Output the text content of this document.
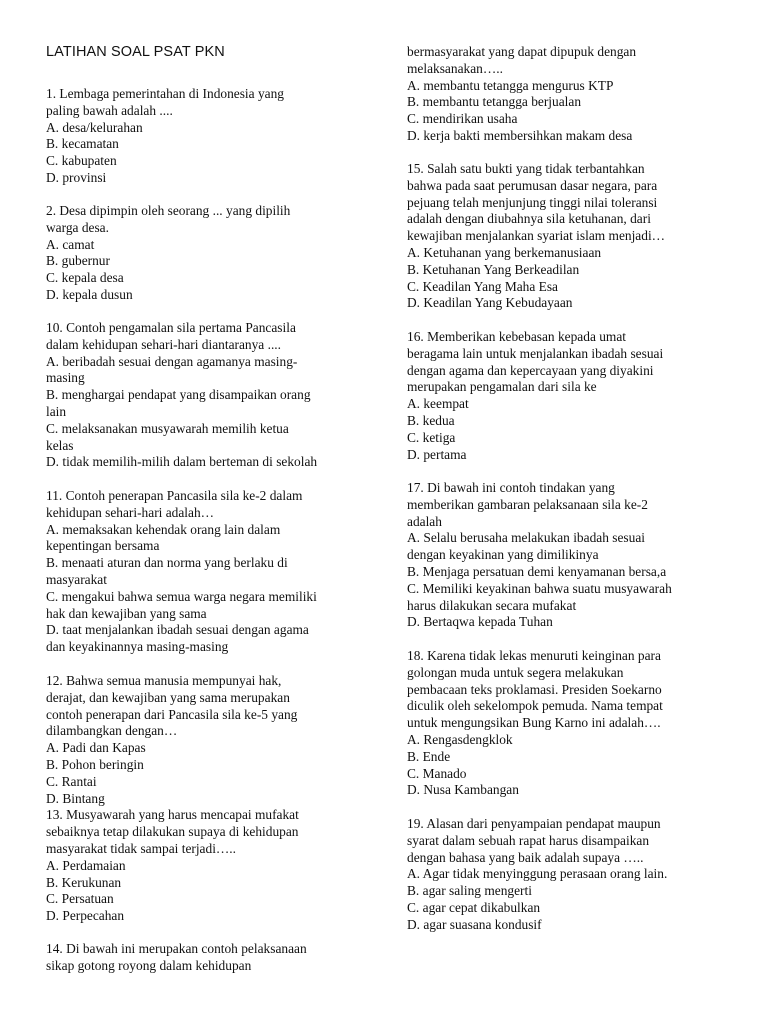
LATIHAN SOAL PSAT PKN
1. Lembaga pemerintahan di Indonesia yang
paling bawah adalah ....
A. desa/kelurahan
B. kecamatan
C. kabupaten
D. provinsi
2. Desa dipimpin oleh seorang ... yang dipilih
warga desa.
A. camat
B. gubernur
C. kepala desa
D. kepala dusun
10. Contoh pengamalan sila pertama Pancasila
dalam kehidupan sehari-hari diantaranya ....
A. beribadah sesuai dengan agamanya masing-
masing
B. menghargai pendapat yang disampaikan orang
lain
C. melaksanakan musyawarah memilih ketua
kelas
D. tidak memilih-milih dalam berteman di sekolah
11. Contoh penerapan Pancasila sila ke-2 dalam
kehidupan sehari-hari adalah…
A. memaksakan kehendak orang lain dalam
kepentingan bersama
B. menaati aturan dan norma yang berlaku di
masyarakat
C. mengakui bahwa semua warga negara memiliki
hak dan kewajiban yang sama
D. taat menjalankan ibadah sesuai dengan agama
dan keyakinannya masing-masing
12. Bahwa semua manusia mempunyai hak,
derajat, dan kewajiban yang sama merupakan
contoh penerapan dari Pancasila sila ke-5 yang
dilambangkan dengan…
A. Padi dan Kapas
B. Pohon beringin
C. Rantai
D. Bintang
13. Musyawarah yang harus mencapai mufakat
sebaiknya tetap dilakukan supaya di kehidupan
masyarakat tidak sampai terjadi…..
A. Perdamaian
B. Kerukunan
C. Persatuan
D. Perpecahan
14. Di bawah ini merupakan contoh pelaksanaan
sikap gotong royong dalam kehidupan
bermasyarakat yang dapat dipupuk dengan
melaksanakan…..
A. membantu tetangga mengurus KTP
B. membantu tetangga berjualan
C. mendirikan usaha
D. kerja bakti membersihkan makam desa
15. Salah satu bukti yang tidak terbantahkan
bahwa pada saat perumusan dasar negara, para
pejuang telah menjunjung tinggi nilai toleransi
adalah dengan diubahnya sila ketuhanan, dari
kewajiban menjalankan syariat islam menjadi…
A. Ketuhanan yang berkemanusiaan
B. Ketuhanan Yang Berkeadilan
C. Keadilan Yang Maha Esa
D. Keadilan Yang Kebudayaan
16. Memberikan kebebasan kepada umat
beragama lain untuk menjalankan ibadah sesuai
dengan agama dan kepercayaan yang diyakini
merupakan pengamalan dari sila ke
A. keempat
B. kedua
C. ketiga
D. pertama
17. Di bawah ini contoh tindakan yang
memberikan gambaran pelaksanaan sila ke-2
adalah
A. Selalu berusaha melakukan ibadah sesuai
dengan keyakinan yang dimilikinya
B. Menjaga persatuan demi kenyamanan bersa,a
C. Memiliki keyakinan bahwa suatu musyawarah
harus dilakukan secara mufakat
D. Bertaqwa kepada Tuhan
18. Karena tidak lekas menuruti keinginan para
golongan muda untuk segera melakukan
pembacaan teks proklamasi. Presiden Soekarno
diculik oleh sekelompok pemuda. Nama tempat
untuk mengungsikan Bung Karno ini adalah….
A. Rengasdengklok
B. Ende
C. Manado
D. Nusa Kambangan
19. Alasan dari penyampaian pendapat maupun
syarat dalam sebuah rapat harus disampaikan
dengan bahasa yang baik adalah supaya …..
A. Agar tidak menyinggung perasaan orang lain.
B. agar saling mengerti
C. agar cepat dikabulkan
D. agar suasana kondusif
